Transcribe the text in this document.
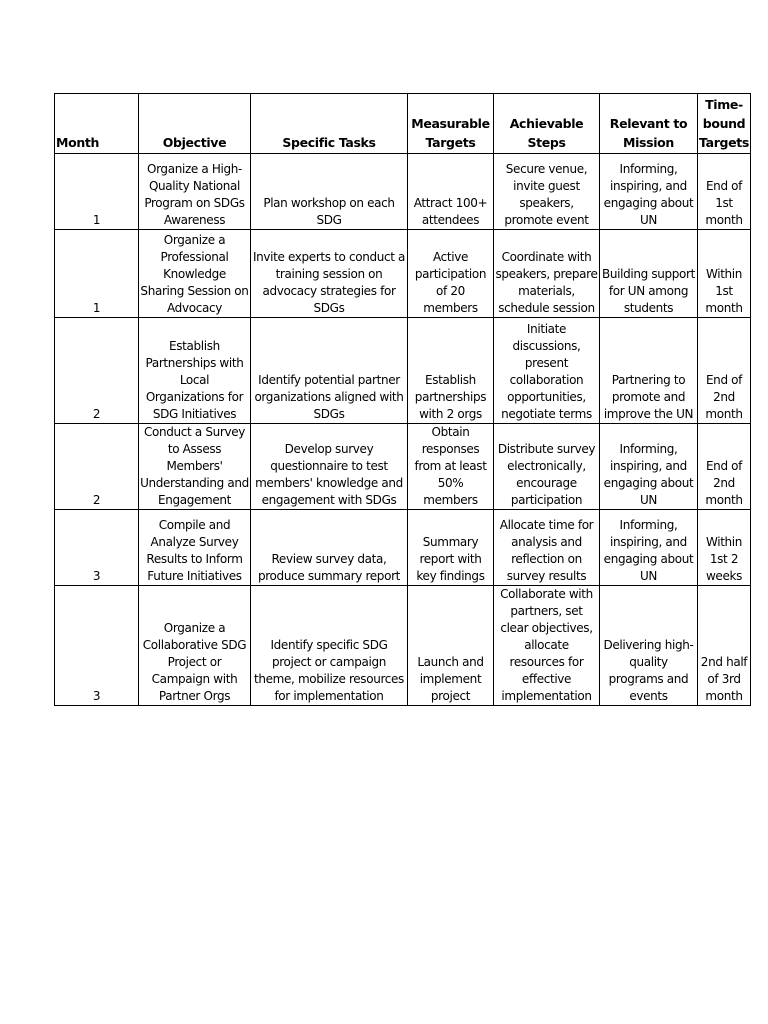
Month	Objective	Specific Tasks	Measurable Targets	Achievable Steps	Relevant to Mission	Time-bound Targets
1	Organize a High-Quality National Program on SDGs Awareness	Plan workshop on each SDG	Attract 100+ attendees	Secure venue, invite guest speakers, promote event	Informing, inspiring, and engaging about UN	End of 1st month
1	Organize a Professional Knowledge Sharing Session on Advocacy	Invite experts to conduct a training session on advocacy strategies for SDGs	Active participation of 20 members	Coordinate with speakers, prepare materials, schedule session	Building support for UN among students	Within 1st month
2	Establish Partnerships with Local Organizations for SDG Initiatives	Identify potential partner organizations aligned with SDGs	Establish partnerships with 2 orgs	Initiate discussions, present collaboration opportunities, negotiate terms	Partnering to promote and improve the UN	End of 2nd month
2	Conduct a Survey to Assess Members' Understanding and Engagement	Develop survey questionnaire to test members' knowledge and engagement with SDGs	Obtain responses from at least 50% members	Distribute survey electronically, encourage participation	Informing, inspiring, and engaging about UN	End of 2nd month
3	Compile and Analyze Survey Results to Inform Future Initiatives	Review survey data, produce summary report	Summary report with key findings	Allocate time for analysis and reflection on survey results	Informing, inspiring, and engaging about UN	Within 1st 2 weeks
3	Organize a Collaborative SDG Project or Campaign with Partner Orgs	Identify specific SDG project or campaign theme, mobilize resources for implementation	Launch and implement project	Collaborate with partners, set clear objectives, allocate resources for effective implementation	Delivering high-quality programs and events	2nd half of 3rd month
